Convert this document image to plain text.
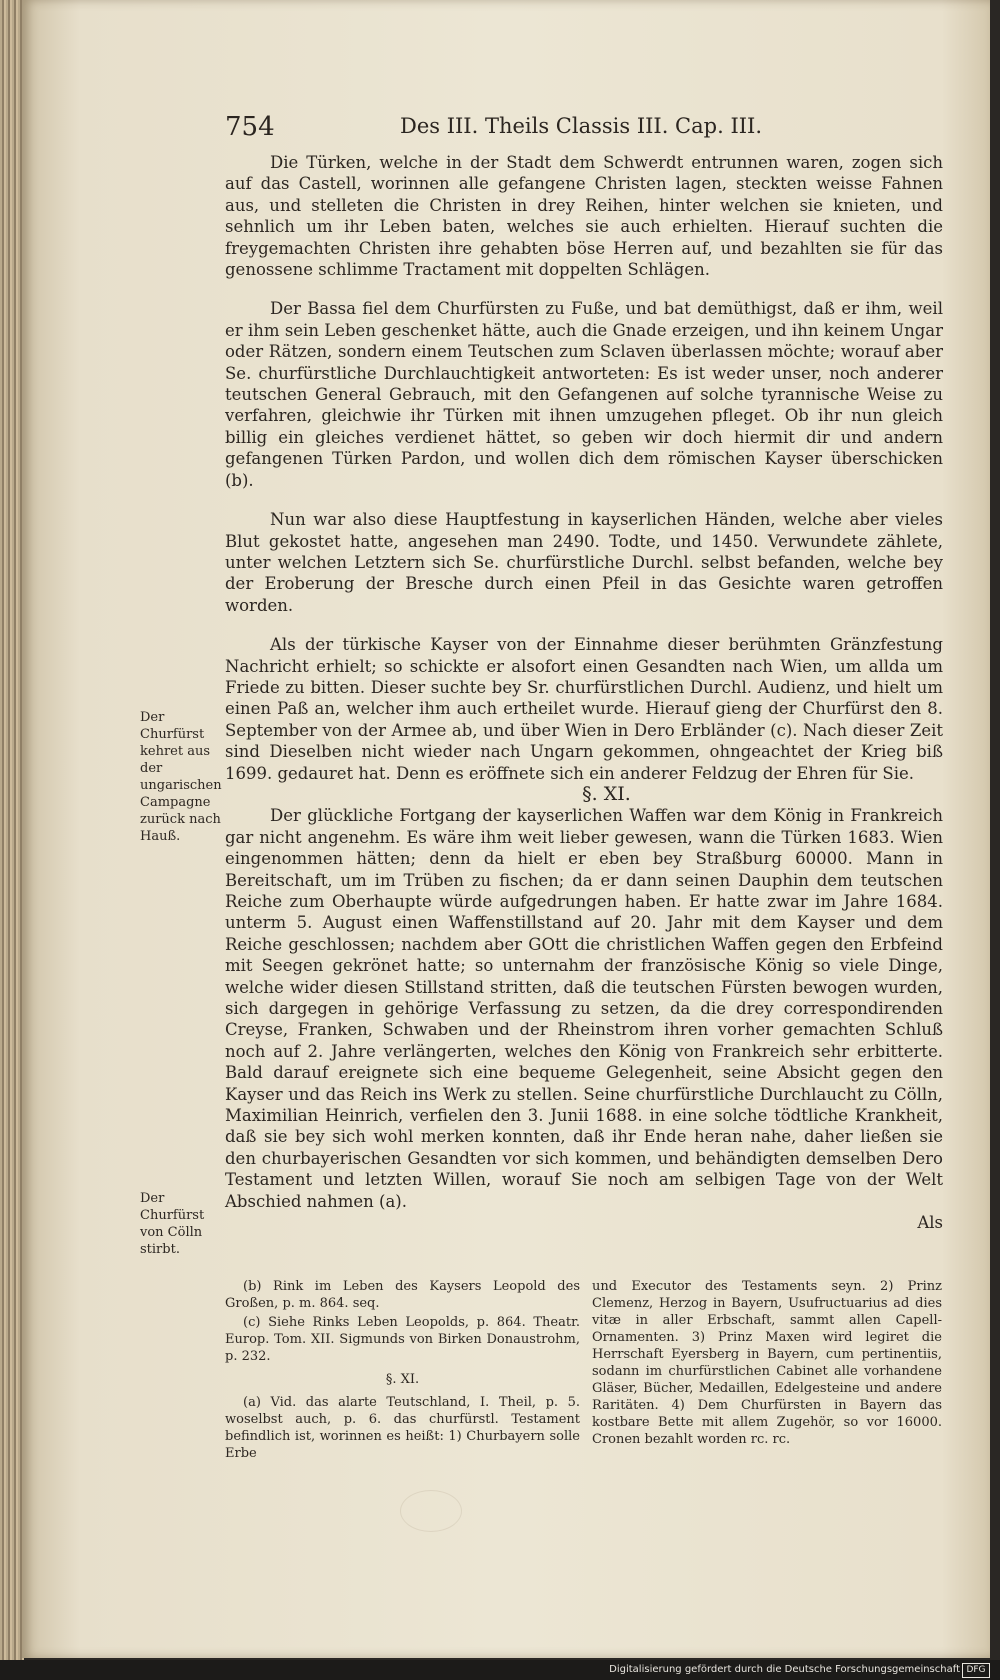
754	Des III. Theils Classis III. Cap. III.

Die Türken, welche in der Stadt dem Schwerdt entrunnen waren, zogen sich auf das Castell, worinnen alle gefangene Christen lagen, steckten weisse Fahnen aus, und stelleten die Christen in drey Reihen, hinter welchen sie knieten, und sehnlich um ihr Leben baten, welches sie auch erhielten. Hierauf suchten die freygemachten Christen ihre gehabten böse Herren auf, und bezahlten sie für das genossene schlimme Tractament mit doppelten Schlägen.

Der Bassa fiel dem Churfürsten zu Fuße, und bat demüthigst, daß er ihm, weil er ihm sein Leben geschenket hätte, auch die Gnade erzeigen, und ihn keinem Ungar oder Rätzen, sondern einem Teutschen zum Sclaven überlassen möchte; worauf aber Se. churfürstliche Durchlauchtigkeit antworteten: Es ist weder unser, noch anderer teutschen General Gebrauch, mit den Gefangenen auf solche tyrannische Weise zu verfahren, gleichwie ihr Türken mit ihnen umzugehen pfleget. Ob ihr nun gleich billig ein gleiches verdienet hättet, so geben wir doch hiermit dir und andern gefangenen Türken Pardon, und wollen dich dem römischen Kayser überschicken (b).

Nun war also diese Hauptfestung in kayserlichen Händen, welche aber vieles Blut gekostet hatte, angesehen man 2490. Todte, und 1450. Verwundete zählete, unter welchen Letztern sich Se. churfürstliche Durchl. selbst befanden, welche bey der Eroberung der Bresche durch einen Pfeil in das Gesichte waren getroffen worden.

Als der türkische Kayser von der Einnahme dieser berühmten Gränzfestung Nachricht erhielt; so schickte er alsofort einen Gesandten nach Wien, um allda um Friede zu bitten. Dieser suchte bey Sr. churfürstlichen Durchl. Audienz, und hielt um einen Paß an, welcher ihm auch ertheilet wurde. Hierauf gieng der Churfürst den 8. September von der Armee ab, und über Wien in Dero Erbländer (c). Nach dieser Zeit sind Dieselben nicht wieder nach Ungarn gekommen, ohngeachtet der Krieg biß 1699. gedauret hat. Denn es eröffnete sich ein anderer Feldzug der Ehren für Sie.

§. XI.

Der glückliche Fortgang der kayserlichen Waffen war dem König in Frankreich gar nicht angenehm. Es wäre ihm weit lieber gewesen, wann die Türken 1683. Wien eingenommen hätten; denn da hielt er eben bey Straßburg 60000. Mann in Bereitschaft, um im Trüben zu fischen; da er dann seinen Dauphin dem teutschen Reiche zum Oberhaupte würde aufgedrungen haben. Er hatte zwar im Jahre 1684. unterm 5. August einen Waffenstillstand auf 20. Jahr mit dem Kayser und dem Reiche geschlossen; nachdem aber GOtt die christlichen Waffen gegen den Erbfeind mit Seegen gekrönet hatte; so unternahm der französische König so viele Dinge, welche wider diesen Stillstand stritten, daß die teutschen Fürsten bewogen wurden, sich dargegen in gehörige Verfassung zu setzen, da die drey correspondirenden Creyse, Franken, Schwaben und der Rheinstrom ihren vorher gemachten Schluß noch auf 2. Jahre verlängerten, welches den König von Frankreich sehr erbitterte. Bald darauf ereignete sich eine bequeme Gelegenheit, seine Absicht gegen den Kayser und das Reich ins Werk zu stellen. Seine churfürstliche Durchlaucht zu Cölln, Maximilian Heinrich, verfielen den 3. Junii 1688. in eine solche tödtliche Krankheit, daß sie bey sich wohl merken konnten, daß ihr Ende heran nahe, daher ließen sie den churbayerischen Gesandten vor sich kommen, und behändigten demselben Dero Testament und letzten Willen, worauf Sie noch am selbigen Tage von der Welt Abschied nahmen (a).

Als

Der Churfürst kehret aus der ungarischen Campagne zurück nach Hauß.
Der Churfürst von Cölln stirbt.

(b) Rink im Leben des Kaysers Leopold des Großen, p. m. 864. seq.

(c) Siehe Rinks Leben Leopolds, p. 864. Theatr. Europ. Tom. XII. Sigmunds von Birken Donaustrohm, p. 232.

§. XI.

(a) Vid. das alarte Teutschland, I. Theil, p. 5. woselbst auch, p. 6. das churfürstl. Testament befindlich ist, worinnen es heißt: 1) Churbayern solle Erbe

und Executor des Testaments seyn. 2) Prinz Clemenz, Herzog in Bayern, Usufructuarius ad dies vitæ in aller Erbschaft, sammt allen Capell-Ornamenten. 3) Prinz Maxen wird legiret die Herrschaft Eyersberg in Bayern, cum pertinentiis, sodann im churfürstlichen Cabinet alle vorhandene Gläser, Bücher, Medaillen, Edelgesteine und andere Raritäten. 4) Dem Churfürsten in Bayern das kostbare Bette mit allem Zugehör, so vor 16000. Cronen bezahlt worden rc. rc.

Digitalisierung gefördert durch die Deutsche Forschungsgemeinschaft DFG
